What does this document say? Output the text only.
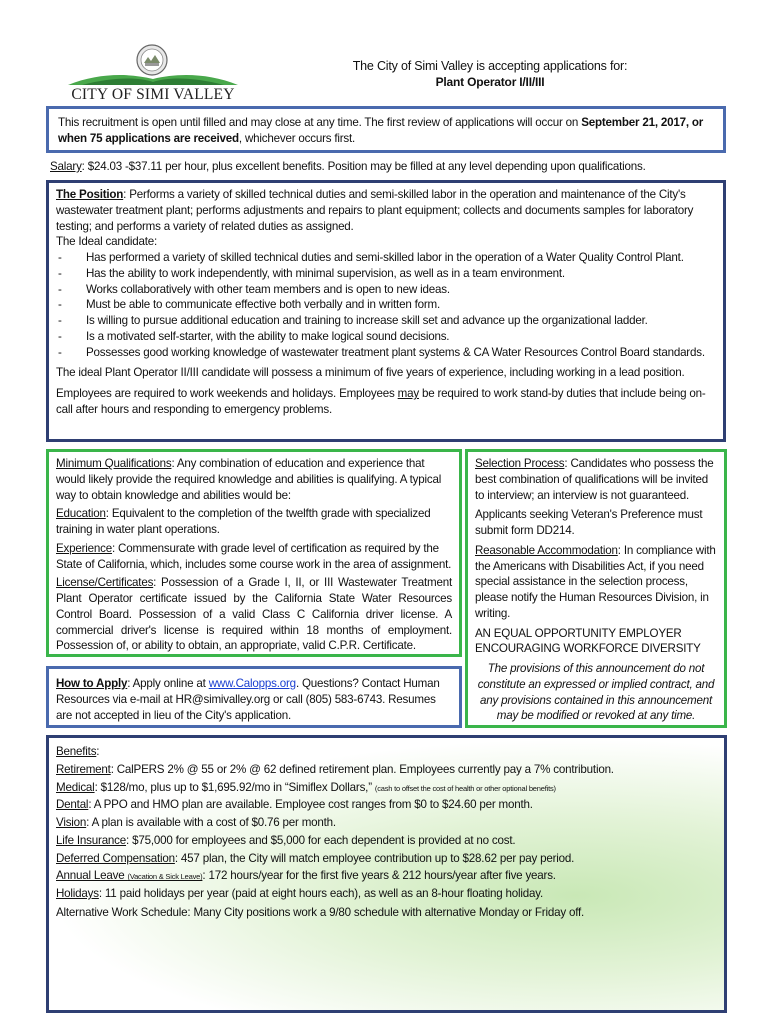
CITY OF SIMI VALLEY
The City of Simi Valley is accepting applications for:
Plant Operator I/II/III
This recruitment is open until filled and may close at any time. The first review of applications will occur on September 21, 2017, or when 75 applications are received, whichever occurs first.
Salary: $24.03 -$37.11 per hour, plus excellent benefits. Position may be filled at any level depending upon qualifications.

The Position: Performs a variety of skilled technical duties and semi-skilled labor in the operation and maintenance of the City's wastewater treatment plant; performs adjustments and repairs to plant equipment; collects and documents samples for laboratory testing; and performs a variety of related duties as assigned.

The Ideal candidate:

- Has performed a variety of skilled technical duties and semi-skilled labor in the operation of a Water Quality Control Plant.
- Has the ability to work independently, with minimal supervision, as well as in a team environment.
- Works collaboratively with other team members and is open to new ideas.
- Must be able to communicate effective both verbally and in written form.
- Is willing to pursue additional education and training to increase skill set and advance up the organizational ladder.
- Is a motivated self-starter, with the ability to make logical sound decisions.
- Possesses good working knowledge of wastewater treatment plant systems & CA Water Resources Control Board standards.

The ideal Plant Operator II/III candidate will possess a minimum of five years of experience, including working in a lead position.

Employees are required to work weekends and holidays. Employees may be required to work stand-by duties that include being on-call after hours and responding to emergency problems.

Minimum Qualifications: Any combination of education and experience that would likely provide the required knowledge and abilities is qualifying. A typical way to obtain knowledge and abilities would be:

Education: Equivalent to the completion of the twelfth grade with specialized training in water plant operations.

Experience: Commensurate with grade level of certification as required by the State of California, which, includes some course work in the area of assignment.

License/Certificates: Possession of a Grade I, II, or III Wastewater Treatment Plant Operator certificate issued by the California State Water Resources Control Board. Possession of a valid Class C California driver license. A commercial driver's license is required within 18 months of employment. Possession of, or ability to obtain, an appropriate, valid C.P.R. Certificate.

How to Apply: Apply online at www.Calopps.org. Questions? Contact Human Resources via e-mail at HR@simivalley.org or call (805) 583-6743. Resumes are not accepted in lieu of the City's application.

Selection Process: Candidates who possess the best combination of qualifications will be invited to interview; an interview is not guaranteed.

Applicants seeking Veteran's Preference must submit form DD214.

Reasonable Accommodation: In compliance with the Americans with Disabilities Act, if you need special assistance in the selection process, please notify the Human Resources Division, in writing.

AN EQUAL OPPORTUNITY EMPLOYER ENCOURAGING WORKFORCE DIVERSITY

The provisions of this announcement do not constitute an expressed or implied contract, and any provisions contained in this announcement may be modified or revoked at any time.

Benefits:

Retirement: CalPERS 2% @ 55 or 2% @ 62 defined retirement plan. Employees currently pay a 7% contribution.

Medical: $128/mo, plus up to $1,695.92/mo in “Simiflex Dollars,” (cash to offset the cost of health or other optional benefits)

Dental: A PPO and HMO plan are available. Employee cost ranges from $0 to $24.60 per month.

Vision: A plan is available with a cost of $0.76 per month.

Life Insurance: $75,000 for employees and $5,000 for each dependent is provided at no cost.

Deferred Compensation: 457 plan, the City will match employee contribution up to $28.62 per pay period.

Annual Leave (Vacation & Sick Leave): 172 hours/year for the first five years & 212 hours/year after five years.

Holidays: 11 paid holidays per year (paid at eight hours each), as well as an 8-hour floating holiday.

Alternative Work Schedule: Many City positions work a 9/80 schedule with alternative Monday or Friday off.
